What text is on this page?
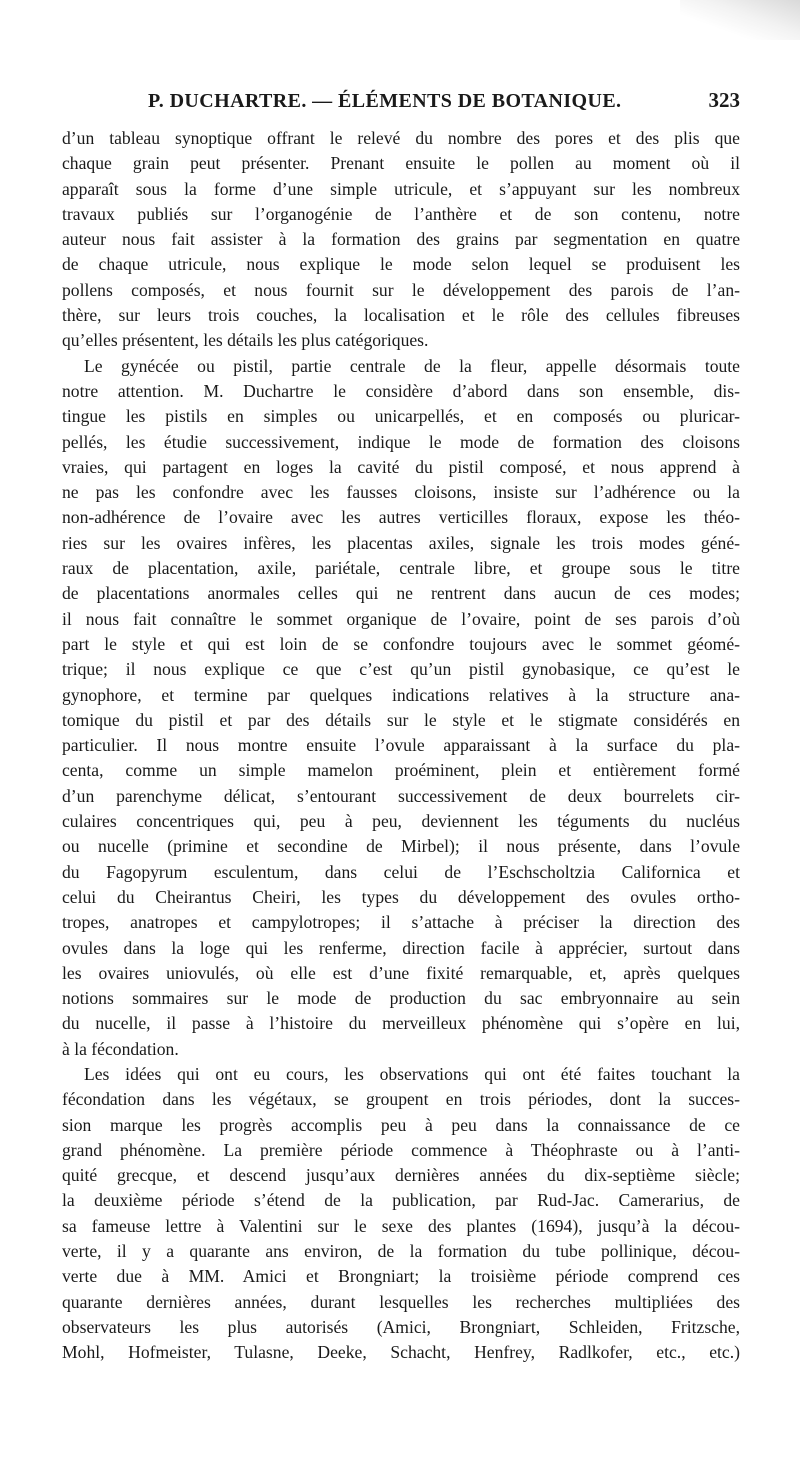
P. DUCHARTRE. — ÉLÉMENTS DE BOTANIQUE.	323
d’un tableau synoptique offrant le relevé du nombre des pores et des plis que
chaque grain peut présenter. Prenant ensuite le pollen au moment où il
apparaît sous la forme d’une simple utricule, et s’appuyant sur les nombreux
travaux publiés sur l’organogénie de l’anthère et de son contenu, notre
auteur nous fait assister à la formation des grains par segmentation en quatre
de chaque utricule, nous explique le mode selon lequel se produisent les
pollens composés, et nous fournit sur le développement des parois de l’an-
thère, sur leurs trois couches, la localisation et le rôle des cellules fibreuses
qu’elles présentent, les détails les plus catégoriques.
Le gynécée ou pistil, partie centrale de la fleur, appelle désormais toute
notre attention. M. Duchartre le considère d’abord dans son ensemble, dis-
tingue les pistils en simples ou unicarpellés, et en composés ou pluricar-
pellés, les étudie successivement, indique le mode de formation des cloisons
vraies, qui partagent en loges la cavité du pistil composé, et nous apprend à
ne pas les confondre avec les fausses cloisons, insiste sur l’adhérence ou la
non-adhérence de l’ovaire avec les autres verticilles floraux, expose les théo-
ries sur les ovaires infères, les placentas axiles, signale les trois modes géné-
raux de placentation, axile, pariétale, centrale libre, et groupe sous le titre
de placentations anormales celles qui ne rentrent dans aucun de ces modes;
il nous fait connaître le sommet organique de l’ovaire, point de ses parois d’où
part le style et qui est loin de se confondre toujours avec le sommet géomé-
trique; il nous explique ce que c’est qu’un pistil gynobasique, ce qu’est le
gynophore, et termine par quelques indications relatives à la structure ana-
tomique du pistil et par des détails sur le style et le stigmate considérés en
particulier. Il nous montre ensuite l’ovule apparaissant à la surface du pla-
centa, comme un simple mamelon proéminent, plein et entièrement formé
d’un parenchyme délicat, s’entourant successivement de deux bourrelets cir-
culaires concentriques qui, peu à peu, deviennent les téguments du nucléus
ou nucelle (primine et secondine de Mirbel); il nous présente, dans l’ovule
du Fagopyrum esculentum, dans celui de l’Eschscholtzia Californica et
celui du Cheirantus Cheiri, les types du développement des ovules ortho-
tropes, anatropes et campylotropes; il s’attache à préciser la direction des
ovules dans la loge qui les renferme, direction facile à apprécier, surtout dans
les ovaires uniovulés, où elle est d’une fixité remarquable, et, après quelques
notions sommaires sur le mode de production du sac embryonnaire au sein
du nucelle, il passe à l’histoire du merveilleux phénomène qui s’opère en lui,
à la fécondation.
Les idées qui ont eu cours, les observations qui ont été faites touchant la
fécondation dans les végétaux, se groupent en trois périodes, dont la succes-
sion marque les progrès accomplis peu à peu dans la connaissance de ce
grand phénomène. La première période commence à Théophraste ou à l’anti-
quité grecque, et descend jusqu’aux dernières années du dix-septième siècle;
la deuxième période s’étend de la publication, par Rud-Jac. Camerarius, de
sa fameuse lettre à Valentini sur le sexe des plantes (1694), jusqu’à la décou-
verte, il y a quarante ans environ, de la formation du tube pollinique, décou-
verte due à MM. Amici et Brongniart; la troisième période comprend ces
quarante dernières années, durant lesquelles les recherches multipliées des
observateurs les plus autorisés (Amici, Brongniart, Schleiden, Fritzsche,
Mohl, Hofmeister, Tulasne, Deeke, Schacht, Henfrey, Radlkofer, etc., etc.)
